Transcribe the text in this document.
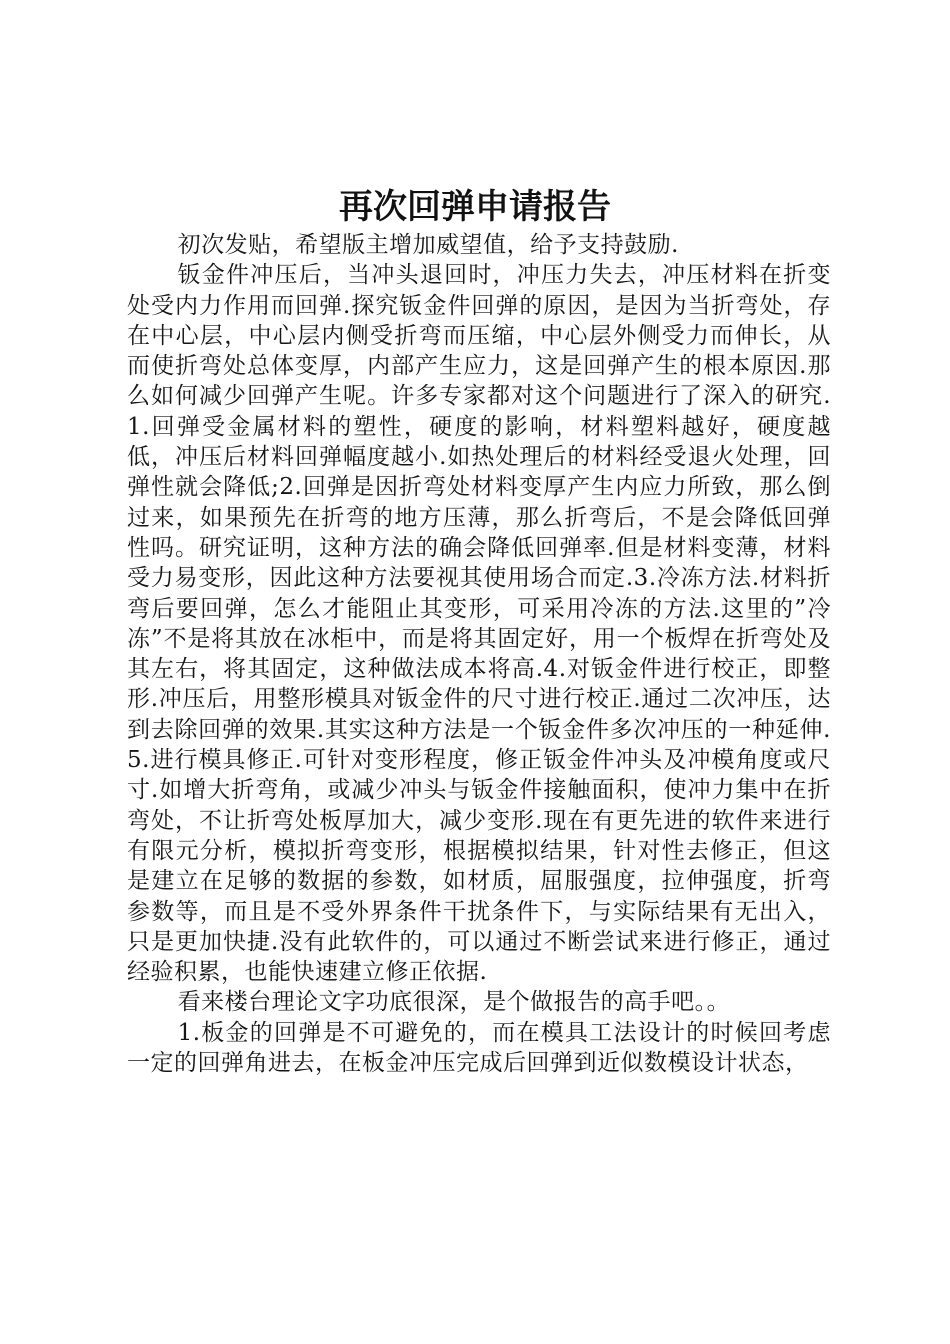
再次回弹申请报告

初次发贴，希望版主增加威望值，给予支持鼓励.

钣金件冲压后，当冲头退回时，冲压力失去，冲压材料在折变处受内力作用而回弹.探究钣金件回弹的原因，是因为当折弯处，存在中心层，中心层内侧受折弯而压缩，中心层外侧受力而伸长，从而使折弯处总体变厚，内部产生应力，这是回弹产生的根本原因.那么如何减少回弹产生呢。许多专家都对这个问题进行了深入的研究.1.回弹受金属材料的塑性，硬度的影响，材料塑料越好，硬度越低，冲压后材料回弹幅度越小.如热处理后的材料经受退火处理，回弹性就会降低;2.回弹是因折弯处材料变厚产生内应力所致，那么倒过来，如果预先在折弯的地方压薄，那么折弯后，不是会降低回弹性吗。研究证明，这种方法的确会降低回弹率.但是材料变薄，材料受力易变形，因此这种方法要视其使用场合而定.3.冷冻方法.材料折弯后要回弹，怎么才能阻止其变形，可采用冷冻的方法.这里的”冷冻”不是将其放在冰柜中，而是将其固定好，用一个板焊在折弯处及其左右，将其固定，这种做法成本将高.4.对钣金件进行校正，即整形.冲压后，用整形模具对钣金件的尺寸进行校正.通过二次冲压，达到去除回弹的效果.其实这种方法是一个钣金件多次冲压的一种延伸.5.进行模具修正.可针对变形程度，修正钣金件冲头及冲模角度或尺寸.如增大折弯角，或减少冲头与钣金件接触面积，使冲力集中在折弯处，不让折弯处板厚加大，减少变形.现在有更先进的软件来进行有限元分析，模拟折弯变形，根据模拟结果，针对性去修正，但这是建立在足够的数据的参数，如材质，屈服强度，拉伸强度，折弯参数等，而且是不受外界条件干扰条件下，与实际结果有无出入，只是更加快捷.没有此软件的，可以通过不断尝试来进行修正，通过经验积累，也能快速建立修正依据.

看来楼台理论文字功底很深，是个做报告的高手吧。。

1.板金的回弹是不可避免的，而在模具工法设计的时候回考虑一定的回弹角进去，在板金冲压完成后回弹到近似数模设计状态，
